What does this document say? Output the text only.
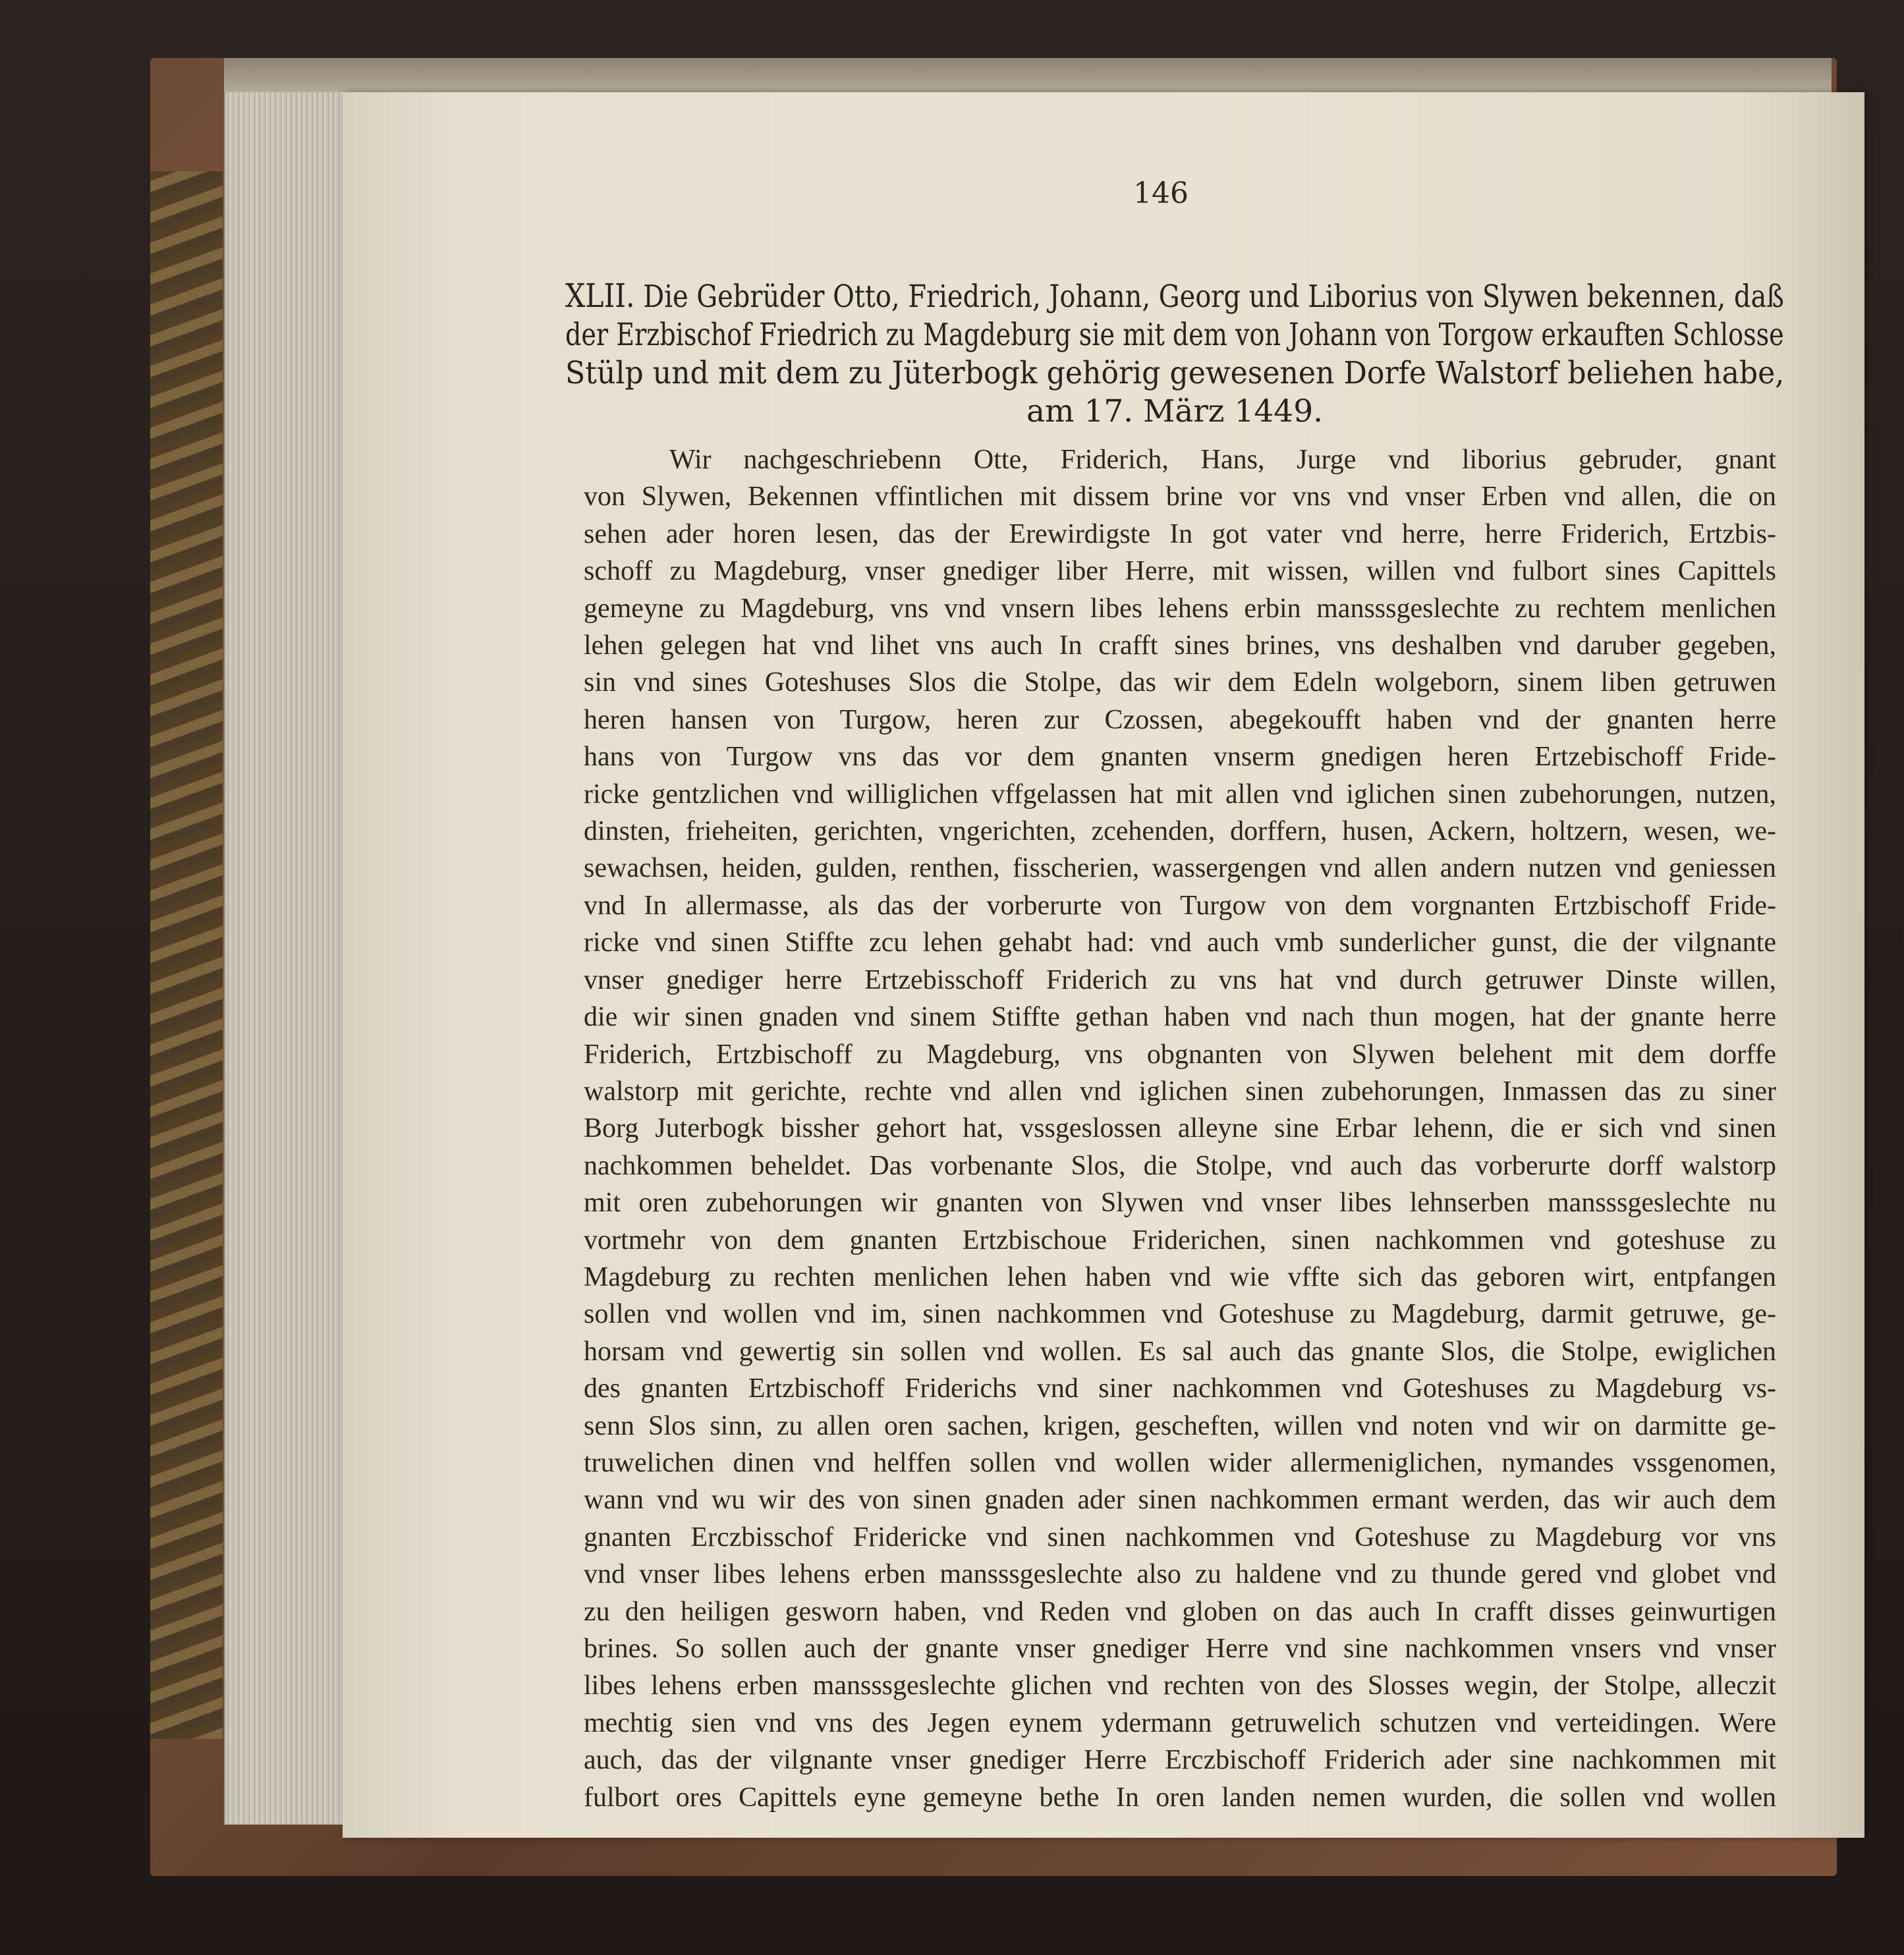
146
XLII. Die Gebrüder Otto, Friedrich, Johann, Georg und Liborius von Slywen bekennen, daß
der Erzbischof Friedrich zu Magdeburg sie mit dem von Johann von Torgow erkauften Schlosse
Stülp und mit dem zu Jüterbogk gehörig gewesenen Dorfe Walstorf beliehen habe,
am 17. März 1449.
Wir nachgeschriebenn Otte, Friderich, Hans, Jurge vnd liborius gebruder, gnant
von Slywen, Bekennen vffintlichen mit dissem brine vor vns vnd vnser Erben vnd allen, die on
sehen ader horen lesen, das der Erewirdigste In got vater vnd herre, herre Friderich, Ertzbis-
schoff zu Magdeburg, vnser gnediger liber Herre, mit wissen, willen vnd fulbort sines Capittels
gemeyne zu Magdeburg, vns vnd vnsern libes lehens erbin mansssgeslechte zu rechtem menlichen
lehen gelegen hat vnd lihet vns auch In crafft sines brines, vns deshalben vnd daruber gegeben,
sin vnd sines Goteshuses Slos die Stolpe, das wir dem Edeln wolgeborn, sinem liben getruwen
heren hansen von Turgow, heren zur Czossen, abegekoufft haben vnd der gnanten herre
hans von Turgow vns das vor dem gnanten vnserm gnedigen heren Ertzebischoff Fride-
ricke gentzlichen vnd williglichen vffgelassen hat mit allen vnd iglichen sinen zubehorungen, nutzen,
dinsten, frieheiten, gerichten, vngerichten, zcehenden, dorffern, husen, Ackern, holtzern, wesen, we-
sewachsen, heiden, gulden, renthen, fisscherien, wassergengen vnd allen andern nutzen vnd geniessen
vnd In allermasse, als das der vorberurte von Turgow von dem vorgnanten Ertzbischoff Fride-
ricke vnd sinen Stiffte zcu lehen gehabt had: vnd auch vmb sunderlicher gunst, die der vilgnante
vnser gnediger herre Ertzebisschoff Friderich zu vns hat vnd durch getruwer Dinste willen,
die wir sinen gnaden vnd sinem Stiffte gethan haben vnd nach thun mogen, hat der gnante herre
Friderich, Ertzbischoff zu Magdeburg, vns obgnanten von Slywen belehent mit dem dorffe
walstorp mit gerichte, rechte vnd allen vnd iglichen sinen zubehorungen, Inmassen das zu siner
Borg Juterbogk bissher gehort hat, vssgeslossen alleyne sine Erbar lehenn, die er sich vnd sinen
nachkommen beheldet. Das vorbenante Slos, die Stolpe, vnd auch das vorberurte dorff walstorp
mit oren zubehorungen wir gnanten von Slywen vnd vnser libes lehnserben mansssgeslechte nu
vortmehr von dem gnanten Ertzbischoue Friderichen, sinen nachkommen vnd goteshuse zu
Magdeburg zu rechten menlichen lehen haben vnd wie vffte sich das geboren wirt, entpfangen
sollen vnd wollen vnd im, sinen nachkommen vnd Goteshuse zu Magdeburg, darmit getruwe, ge-
horsam vnd gewertig sin sollen vnd wollen. Es sal auch das gnante Slos, die Stolpe, ewiglichen
des gnanten Ertzbischoff Friderichs vnd siner nachkommen vnd Goteshuses zu Magdeburg vs-
senn Slos sinn, zu allen oren sachen, krigen, gescheften, willen vnd noten vnd wir on darmitte ge-
truwelichen dinen vnd helffen sollen vnd wollen wider allermeniglichen, nymandes vssgenomen,
wann vnd wu wir des von sinen gnaden ader sinen nachkommen ermant werden, das wir auch dem
gnanten Erczbisschof Fridericke vnd sinen nachkommen vnd Goteshuse zu Magdeburg vor vns
vnd vnser libes lehens erben mansssgeslechte also zu haldene vnd zu thunde gered vnd globet vnd
zu den heiligen gesworn haben, vnd Reden vnd globen on das auch In crafft disses geinwurtigen
brines. So sollen auch der gnante vnser gnediger Herre vnd sine nachkommen vnsers vnd vnser
libes lehens erben mansssgeslechte glichen vnd rechten von des Slosses wegin, der Stolpe, alleczit
mechtig sien vnd vns des Jegen eynem ydermann getruwelich schutzen vnd verteidingen. Were
auch, das der vilgnante vnser gnediger Herre Erczbischoff Friderich ader sine nachkommen mit
fulbort ores Capittels eyne gemeyne bethe In oren landen nemen wurden, die sollen vnd wollen
